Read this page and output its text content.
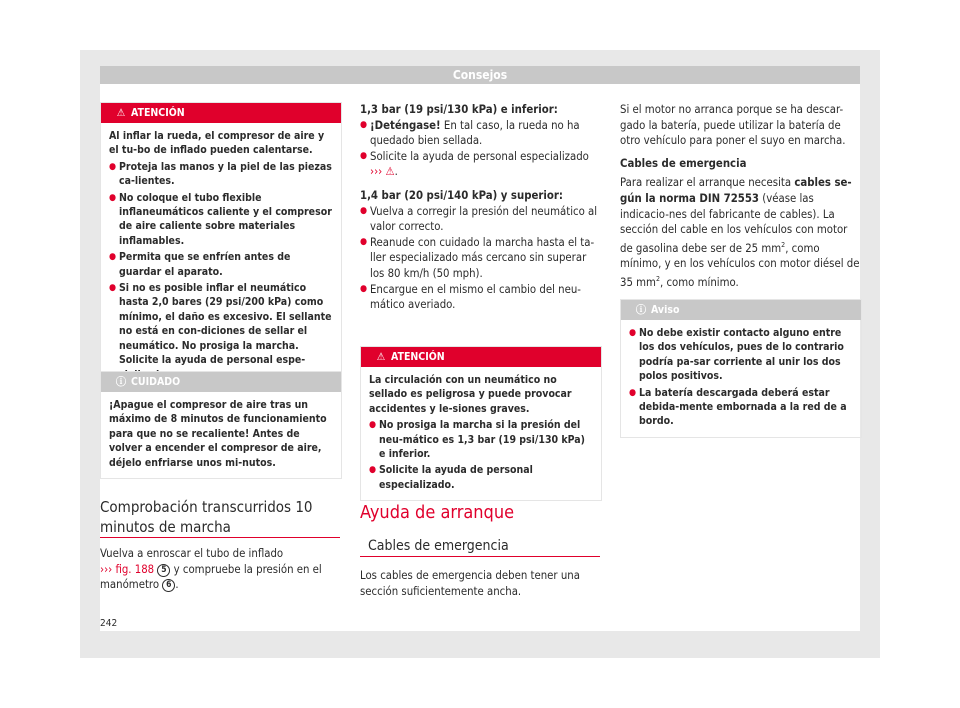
Consejos
⚠ ATENCIÓN

Al inflar la rueda, el compresor de aire y el tu-bo de inflado pueden calentarse.

● Proteja las manos y la piel de las piezas ca-lientes.

● No coloque el tubo flexible inflaneumáticos caliente y el compresor de aire caliente sobre materiales inflamables.

● Permita que se enfríen antes de guardar el aparato.

● Si no es posible inflar el neumático hasta 2,0 bares (29 psi/200 kPa) como mínimo, el daño es excesivo. El sellante no está en con-diciones de sellar el neumático. No prosiga la marcha. Solicite la ayuda de personal espe-

ⓘ CUIDADO

¡Apague el compresor de aire tras un máximo de 8 minutos de funcionamiento para que no se recaliente! Antes de volver a encender el compresor de aire, déjelo enfriarse unos mi-nutos.

Comprobación transcurridos 10 minutos de marcha
Vuelva a enroscar el tubo de inflado
››› fig. 188 5 y compruebe la presión en el manómetro 6 .

1,3 bar (19 psi/130 kPa) e inferior:

● ¡Deténgase! En tal caso, la rueda no ha quedado bien sellada.

● Solicite la ayuda de personal especializado
››› ⚠.

1,4 bar (20 psi/140 kPa) y superior:

● Vuelva a corregir la presión del neumático al valor correcto.

● Reanude con cuidado la marcha hasta el ta-ller especializado más cercano sin superar los 80 km/h (50 mph).

● Encargue en el mismo el cambio del neu-mático averiado.

⚠ ATENCIÓN

La circulación con un neumático no sellado es peligrosa y puede provocar accidentes y le-siones graves.

● No prosiga la marcha si la presión del neu-mático es 1,3 bar (19 psi/130 kPa) e inferior.

● Solicite la ayuda de personal especializado.

Ayuda de arranque
Cables de emergencia
Los cables de emergencia deben tener una sección suficientemente ancha.

Si el motor no arranca porque se ha descar-gado la batería, puede utilizar la batería de otro vehículo para poner el suyo en marcha.

Cables de emergencia

Para realizar el arranque necesita cables se-gún la norma DIN 72553 (véase las indicacio-nes del fabricante de cables). La sección del cable en los vehículos con motor de gasolina debe ser de 25 $mm^2$, como mínimo, y en los vehículos con motor diésel de 35 $mm^2$, como mínimo.

ⓘ Aviso

● No debe existir contacto alguno entre los dos vehículos, pues de lo contrario podría pa-sar corriente al unir los dos polos positivos.

● La batería descargada deberá estar debida-mente embornada a la red de a bordo.

242
